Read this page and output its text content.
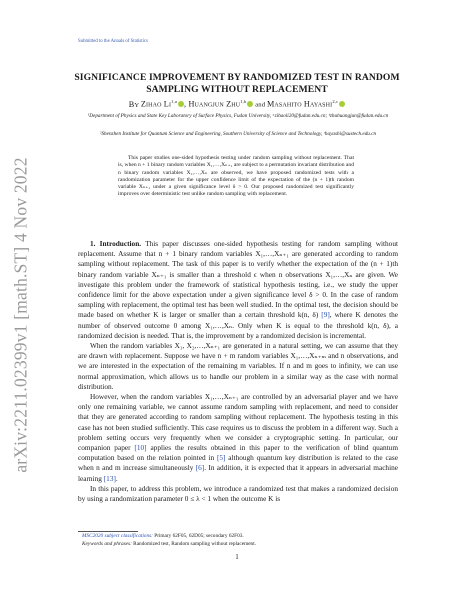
Submitted to the Annals of Statistics
arXiv:2211.02399v1 [math.ST] 4 Nov 2022
SIGNIFICANCE IMPROVEMENT BY RANDOMIZED TEST IN RANDOM
SAMPLING WITHOUT REPLACEMENT
BY Zihao Li$^{1,a}$ , Huangjun Zhu$^{1,b}$ and Masahito Hayashi$^{2,c}$
¹Department of Physics and State Key Laboratory of Surface Physics, Fudan University, ᵃzihaoli20@fudan.edu.cn; ᵇzhuhuangjun@fudan.edu.cn
²Shenzhen Institute for Quantum Science and Engineering, Southern University of Science and Technology, ᶜhayashi@sustech.edu.cn
This paper studies one-sided hypothesis testing under random sampling without replacement. That is, when n + 1 binary random variables X₁,…,Xₙ₊₁ are subject to a permutation invariant distribution and n binary random variables X₁,…,Xₙ are observed, we have proposed randomized tests with a randomization parameter for the upper confidence limit of the expectation of the (n + 1)th random variable Xₙ₊₁ under a given significance level δ > 0. Our proposed randomized test significantly improves over deterministic test unlike random sampling with replacement.

1. Introduction. This paper discusses one-sided hypothesis testing for random sampling without replacement. Assume that n + 1 binary random variables X₁,…,Xₙ₊₁ are generated according to random sampling without replacement. The task of this paper is to verify whether the expectation of the (n + 1)th binary random variable Xₙ₊₁ is smaller than a threshold ϵ when n observations X₁,…,Xₙ are given. We investigate this problem under the framework of statistical hypothesis testing, i.e., we study the upper confidence limit for the above expectation under a given significance level δ > 0. In the case of random sampling with replacement, the optimal test has been well studied. In the optimal test, the decision should be made based on whether K is larger or smaller than a certain threshold k(n, δ) [9], where K denotes the number of observed outcome 0 among X₁,…,Xₙ. Only when K is equal to the threshold k(n, δ), a randomized decision is needed. That is, the improvement by a randomized decision is incremental.

When the random variables X₁, X₂,…,Xₙ₊₁ are generated in a natural setting, we can assume that they are drawn with replacement. Suppose we have n + m random variables X₁,…,Xₙ₊ₘ and n observations, and we are interested in the expectation of the remaining m variables. If n and m goes to infinity, we can use normal approximation, which allows us to handle our problem in a similar way as the case with normal distribution.

However, when the random variables X₁,…,Xₙ₊₁ are controlled by an adversarial player and we have only one remaining variable, we cannot assume random sampling with replacement, and need to consider that they are generated according to random sampling without replacement. The hypothesis testing in this case has not been studied sufficiently. This case requires us to discuss the problem in a different way. Such a problem setting occurs very frequently when we consider a cryptographic setting. In particular, our companion paper [10] applies the results obtained in this paper to the verification of blind quantum computation based on the relation pointed in [5] although quantum key distribution is related to the case when n and m increase simultaneously [6]. In addition, it is expected that it appears in adversarial machine learning [13].

In this paper, to address this problem, we introduce a randomized test that makes a randomized decision by using a randomization parameter 0 ≤ λ < 1 when the outcome K is

MSC2020 subject classifications: Primary 62F05, 62D05; secondary 62F03.
Keywords and phrases: Randomized test, Random sampling without replacement.
1
